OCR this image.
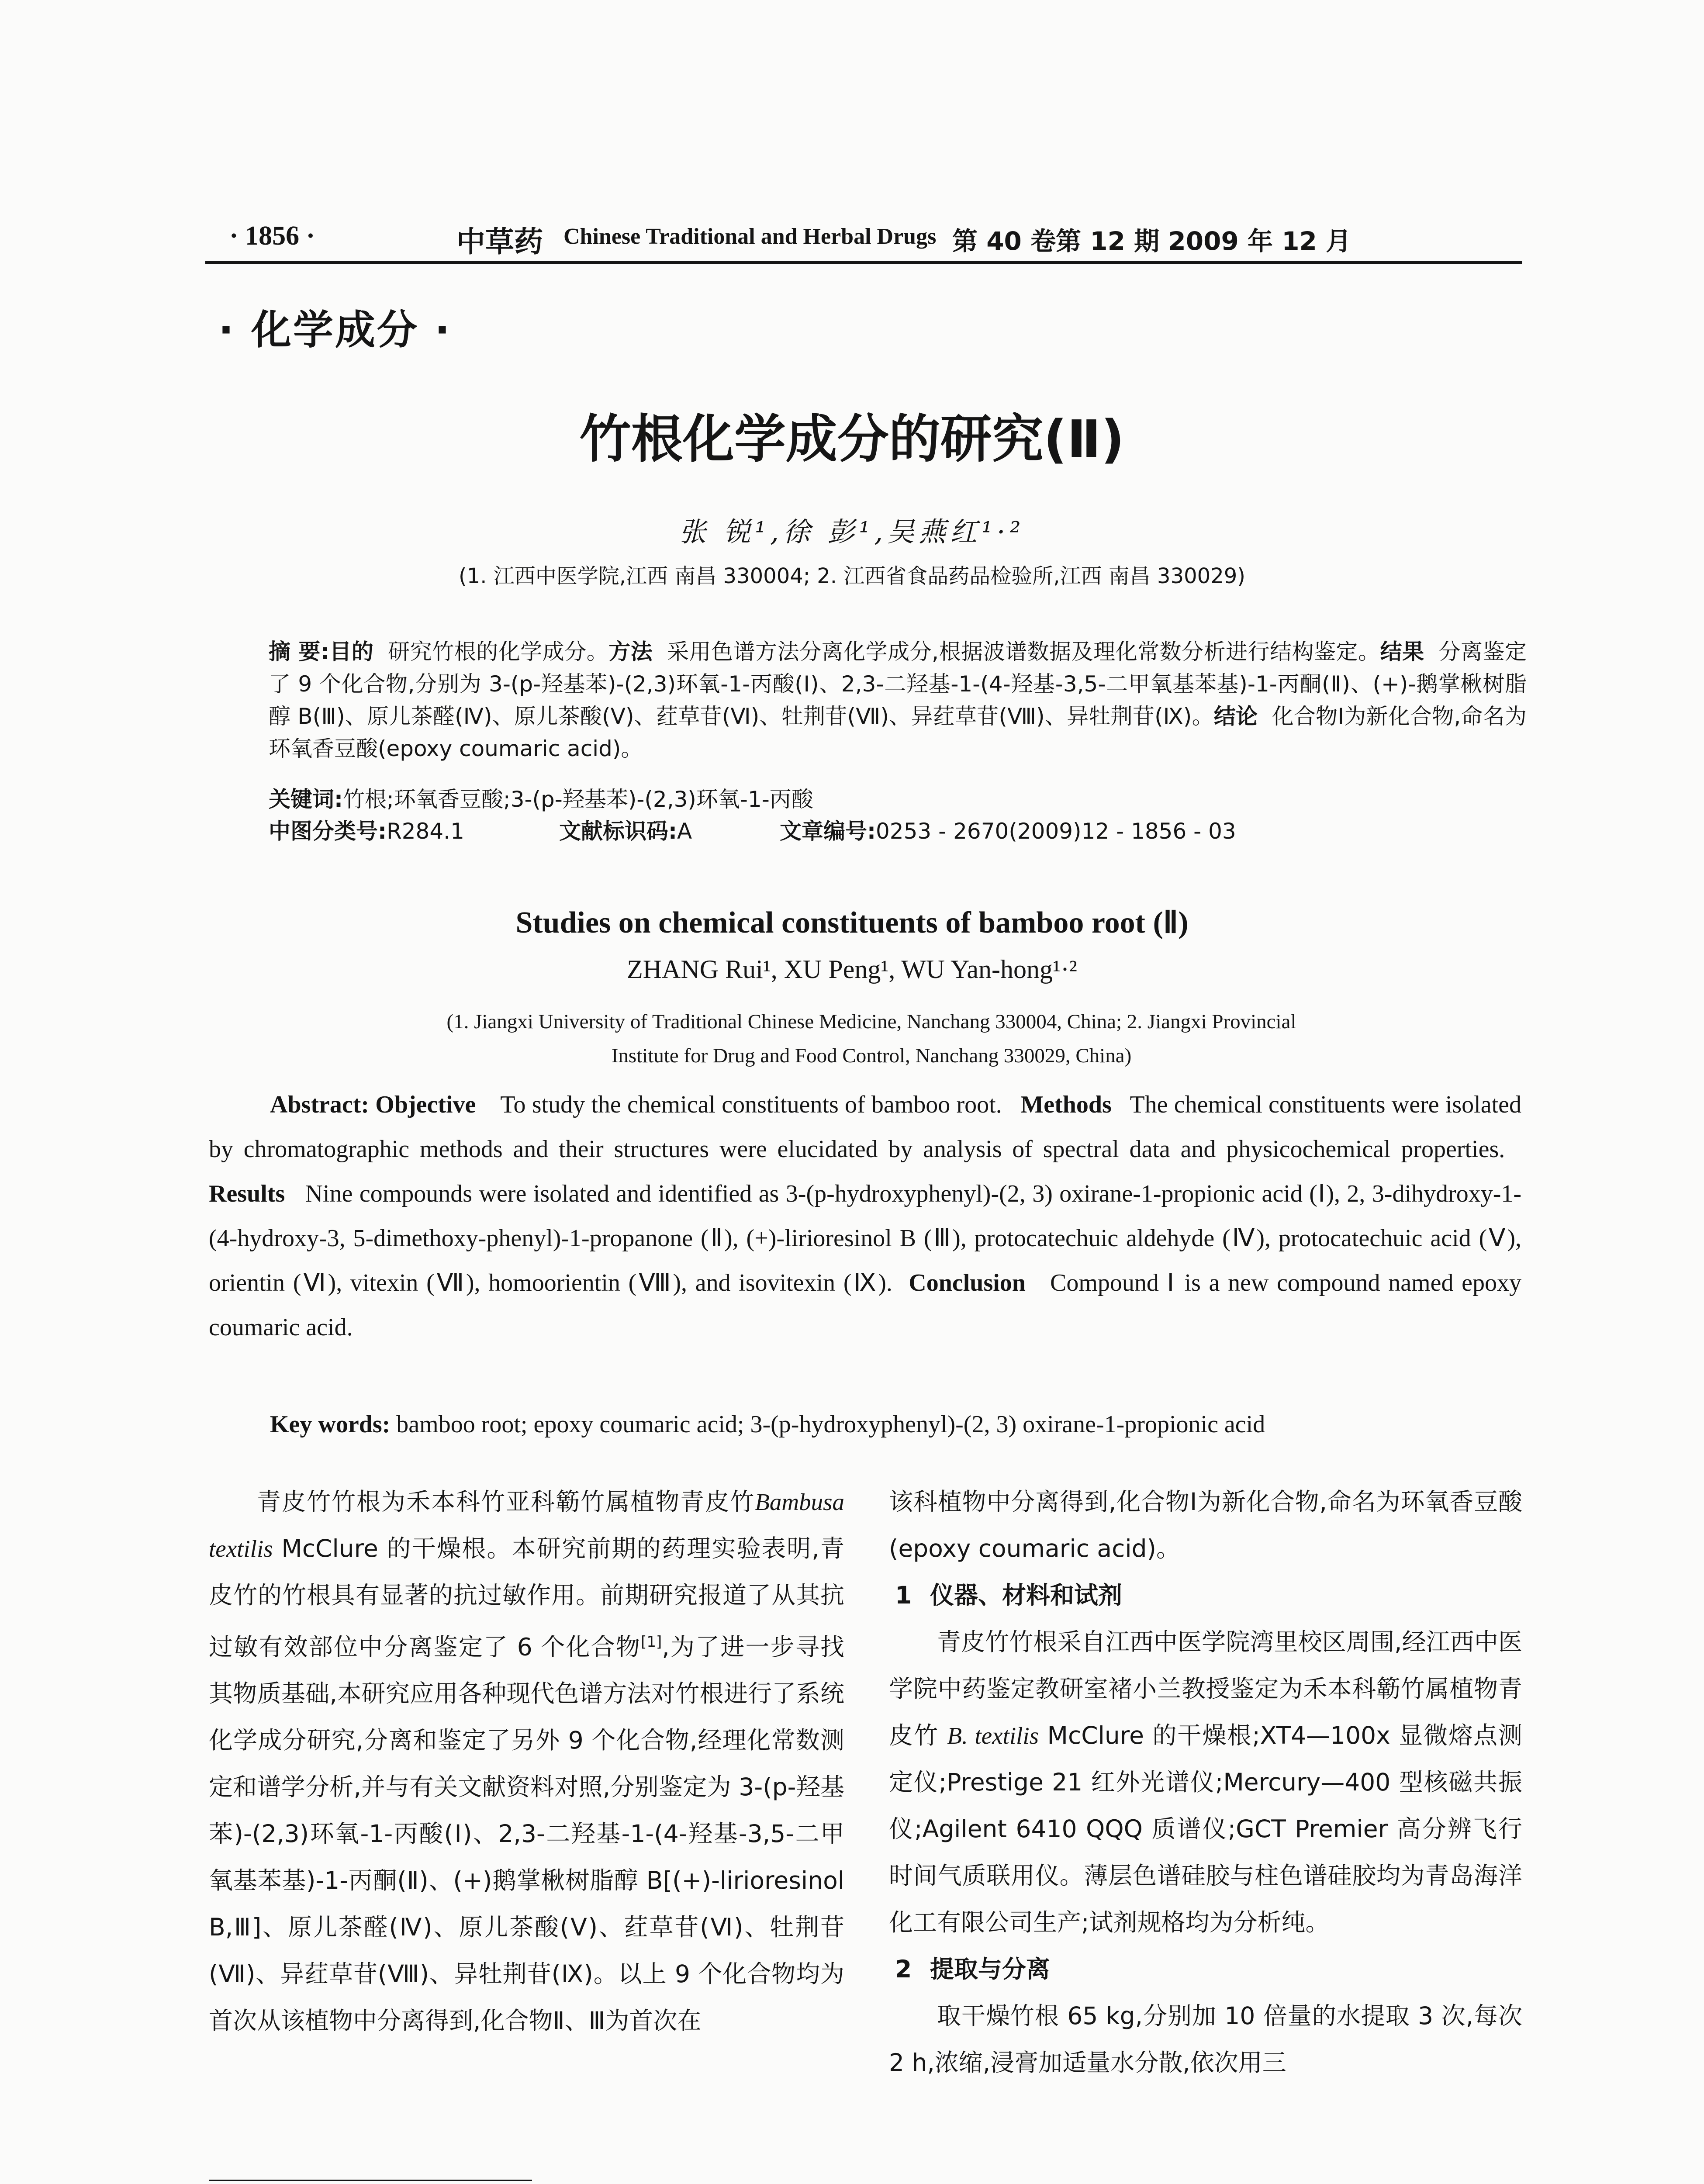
· 1856 ·	中草药 Chinese Traditional and Herbal Drugs 第 40 卷第 12 期 2009 年 12 月
· 化学成分 ·
竹根化学成分的研究(Ⅱ)
张 锐¹,徐 彭¹,吴燕红¹·²
(1. 江西中医学院,江西 南昌 330004; 2. 江西省食品药品检验所,江西 南昌 330029)
摘 要:目的 研究竹根的化学成分。方法 采用色谱方法分离化学成分,根据波谱数据及理化常数分析进行结构鉴定。结果 分离鉴定了 9 个化合物,分别为 3-(p-羟基苯)-(2,3)环氧-1-丙酸(Ⅰ)、2,3-二羟基-1-(4-羟基-3,5-二甲氧基苯基)-1-丙酮(Ⅱ)、(+)-鹅掌楸树脂醇 B(Ⅲ)、原儿茶醛(Ⅳ)、原儿茶酸(Ⅴ)、荭草苷(Ⅵ)、牡荆苷(Ⅶ)、异荭草苷(Ⅷ)、异牡荆苷(Ⅸ)。结论 化合物Ⅰ为新化合物,命名为环氧香豆酸(epoxy coumaric acid)。
关键词:竹根;环氧香豆酸;3-(p-羟基苯)-(2,3)环氧-1-丙酸
中图分类号: R284.1	文献标识码: A	文章编号: 0253 - 2670(2009)12 - 1856 - 03
Studies on chemical constituents of bamboo root (Ⅱ)
ZHANG Rui¹, XU Peng¹, WU Yan-hong¹·²
(1. Jiangxi University of Traditional Chinese Medicine, Nanchang 330004, China; 2. Jiangxi Provincial
Institute for Drug and Food Control, Nanchang 330029, China)
Abstract: Objective To study the chemical constituents of bamboo root. Methods The chemical constituents were isolated by chromatographic methods and their structures were elucidated by analysis of spectral data and physicochemical properties.   Results Nine compounds were isolated and identified as 3-(p-hydroxyphenyl)-(2, 3) oxirane-1-propionic acid (Ⅰ), 2, 3-dihydroxy-1-(4-hydroxy-3, 5-dimethoxy-phenyl)-1-propanone (Ⅱ), (+)-lirioresinol B (Ⅲ), protocatechuic aldehyde (Ⅳ), protocatechuic acid (Ⅴ), orientin (Ⅵ), vitexin (Ⅶ), homoorientin (Ⅷ), and isovitexin (Ⅸ). Conclusion Compound Ⅰ is a new compound named epoxy coumaric acid.
Key words: bamboo root; epoxy coumaric acid; 3-(p-hydroxyphenyl)-(2, 3) oxirane-1-propionic acid

青皮竹竹根为禾本科竹亚科簕竹属植物青皮竹Bambusa textilis McClure 的干燥根。本研究前期的药理实验表明,青皮竹的竹根具有显著的抗过敏作用。前期研究报道了从其抗过敏有效部位中分离鉴定了 6 个化合物[1],为了进一步寻找其物质基础,本研究应用各种现代色谱方法对竹根进行了系统化学成分研究,分离和鉴定了另外 9 个化合物,经理化常数测定和谱学分析,并与有关文献资料对照,分别鉴定为 3-(p-羟基苯)-(2,3)环氧-1-丙酸(Ⅰ)、2,3-二羟基-1-(4-羟基-3,5-二甲氧基苯基)-1-丙酮(Ⅱ)、(+)鹅掌楸树脂醇 B[(+)-lirioresinol B,Ⅲ]、原儿茶醛(Ⅳ)、原儿茶酸(Ⅴ)、荭草苷(Ⅵ)、牡荆苷(Ⅶ)、异荭草苷(Ⅷ)、异牡荆苷(Ⅸ)。以上 9 个化合物均为首次从该植物中分离得到,化合物Ⅱ、Ⅲ为首次在

该科植物中分离得到,化合物Ⅰ为新化合物,命名为环氧香豆酸(epoxy coumaric acid)。

1 仪器、材料和试剂

青皮竹竹根采自江西中医学院湾里校区周围,经江西中医学院中药鉴定教研室褚小兰教授鉴定为禾本科簕竹属植物青皮竹 B. textilis McClure 的干燥根;XT4—100x 显微熔点测定仪;Prestige 21 红外光谱仪;Mercury—400 型核磁共振仪;Agilent 6410 QQQ 质谱仪;GCT Premier 高分辨飞行时间气质联用仪。薄层色谱硅胶与柱色谱硅胶均为青岛海洋化工有限公司生产;试剂规格均为分析纯。

2 提取与分离

取干燥竹根 65 kg,分别加 10 倍量的水提取 3 次,每次 2 h,浓缩,浸膏加适量水分散,依次用三
